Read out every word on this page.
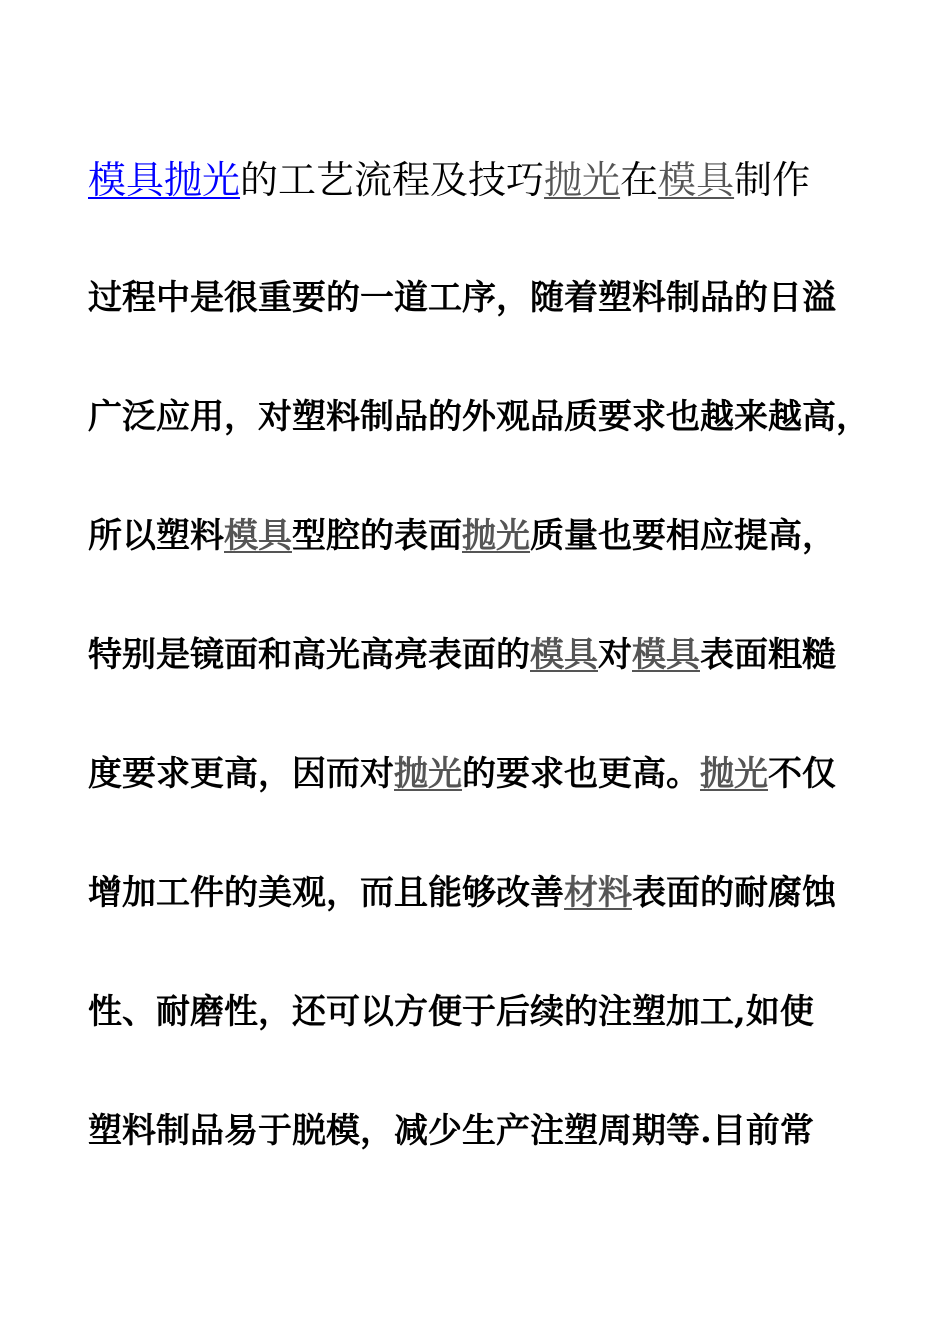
模具抛光的工艺流程及技巧抛光在模具制作
过程中是很重要的一道工序，随着塑料制品的日溢
广泛应用，对塑料制品的外观品质要求也越来越高，
所以塑料模具型腔的表面抛光质量也要相应提高，
特别是镜面和高光高亮表面的模具对模具表面粗糙
度要求更高，因而对抛光的要求也更高。抛光不仅
增加工件的美观，而且能够改善材料表面的耐腐蚀
性、耐磨性，还可以方便于后续的注塑加工,如使
塑料制品易于脱模，减少生产注塑周期等.目前常
